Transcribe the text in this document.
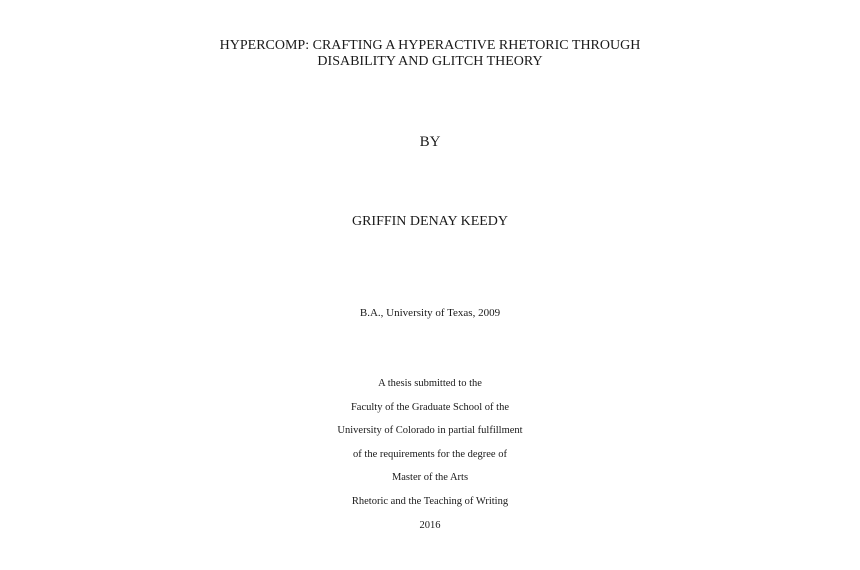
HYPERCOMP: CRAFTING A HYPERACTIVE RHETORIC THROUGH
DISABILITY AND GLITCH THEORY
BY
GRIFFIN DENAY KEEDY
B.A., University of Texas, 2009
A thesis submitted to the
Faculty of the Graduate School of the
University of Colorado in partial fulfillment
of the requirements for the degree of
Master of the Arts
Rhetoric and the Teaching of Writing
2016
